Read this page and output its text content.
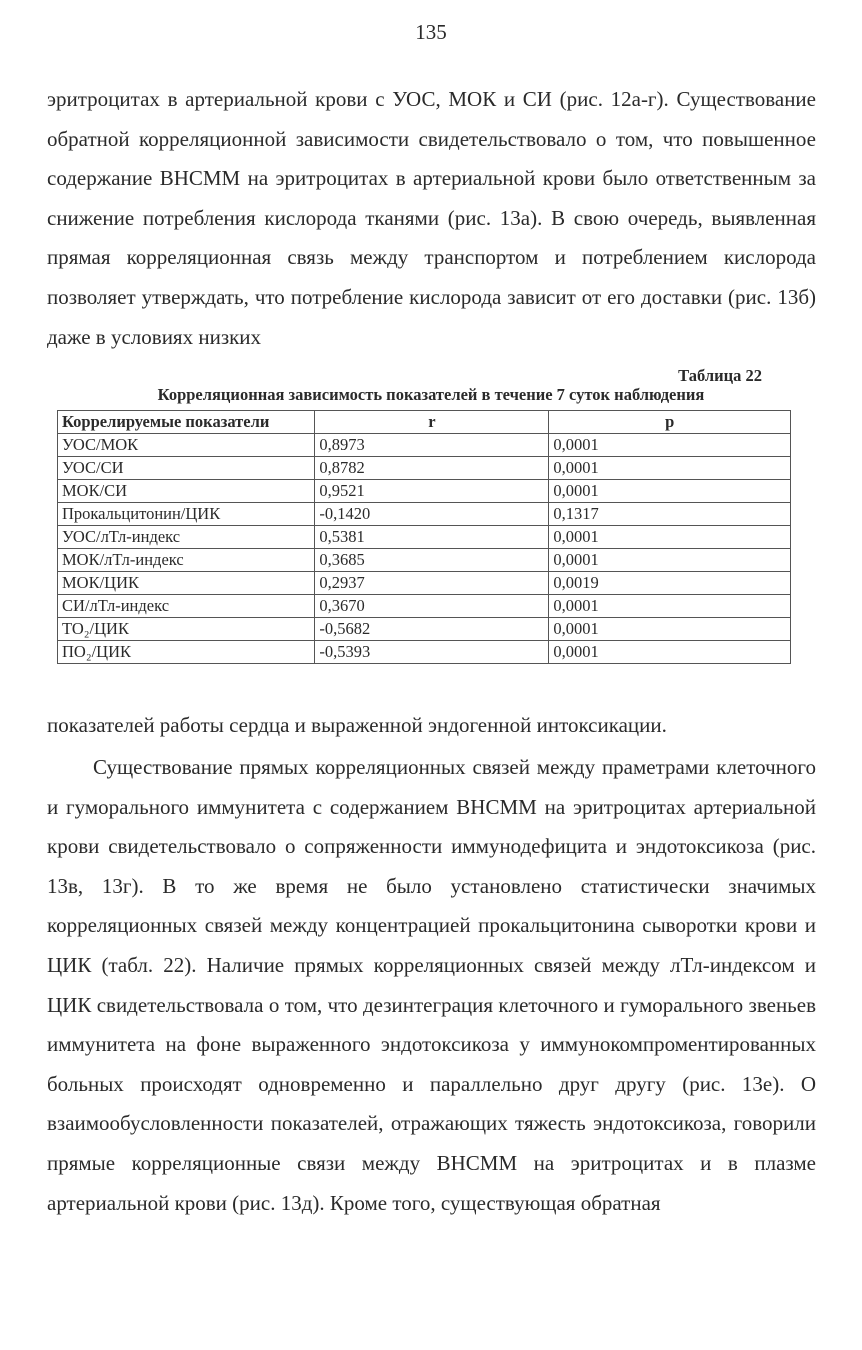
135

эритроцитах в артериальной крови с УОС, МОК и СИ (рис. 12а-г). Существование обратной корреляционной зависимости свидетельствовало о том, что повышенное содержание ВНСММ на эритроцитах в артериальной крови было ответственным за снижение потребления кислорода тканями (рис. 13а). В свою очередь, выявленная прямая корреляционная связь между транспортом и потреблением кислорода позволяет утверждать, что потребление кислорода зависит от его доставки (рис. 13б) даже в условиях низких

Таблица 22
Корреляционная зависимость показателей в течение 7 суток наблюдения
Коррелируемые показатели	r	p
УОС/МОК	0,8973	0,0001
УОС/СИ	0,8782	0,0001
МОК/СИ	0,9521	0,0001
Прокальцитонин/ЦИК	-0,1420	0,1317
УОС/лТл-индекс	0,5381	0,0001
МОК/лТл-индекс	0,3685	0,0001
МОК/ЦИК	0,2937	0,0019
СИ/лТл-индекс	0,3670	0,0001
ТО₂/ЦИК	-0,5682	0,0001
ПО₂/ЦИК	-0,5393	0,0001

показателей работы сердца и выраженной эндогенной интоксикации.

Существование прямых корреляционных связей между праметрами клеточного и гуморального иммунитета с содержанием ВНСММ на эритроцитах артериальной крови свидетельствовало о сопряженности иммунодефицита и эндотоксикоза (рис. 13в, 13г). В то же время не было установлено статистически значимых корреляционных связей между концентрацией прокальцитонина сыворотки крови и ЦИК (табл. 22). Наличие прямых корреляционных связей между лТл-индексом и ЦИК свидетельствовала о том, что дезинтеграция клеточного и гуморального звеньев иммунитета на фоне выраженного эндотоксикоза у иммунокомпроментированных больных происходят одновременно и параллельно друг другу (рис. 13е). О взаимообусловленности показателей, отражающих тяжесть эндотоксикоза, говорили прямые корреляционные связи между ВНСММ на эритроцитах и в плазме артериальной крови (рис. 13д). Кроме того, существующая обратная
